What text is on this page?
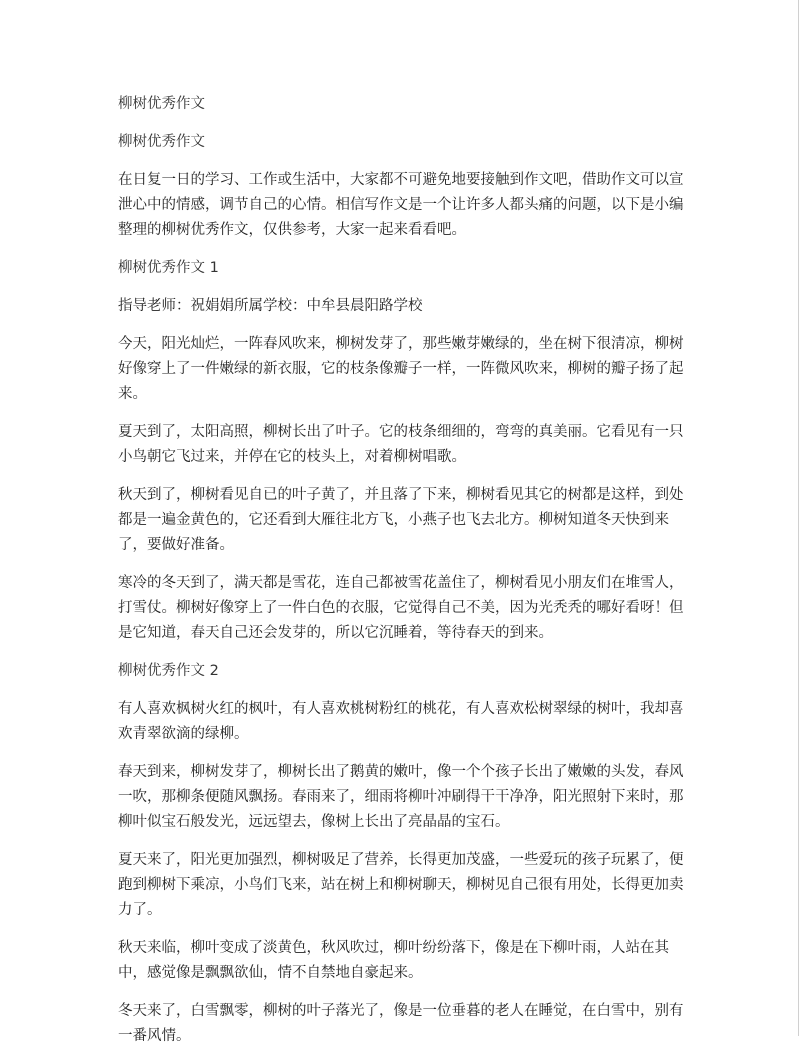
柳树优秀作文

柳树优秀作文

在日复一日的学习、工作或生活中，大家都不可避免地要接触到作文吧，借助作文可以宣泄心中的情感，调节自己的心情。相信写作文是一个让许多人都头痛的问题，以下是小编整理的柳树优秀作文，仅供参考，大家一起来看看吧。

柳树优秀作文 1

指导老师：祝娟娟所属学校：中牟县晨阳路学校

今天，阳光灿烂，一阵春风吹来，柳树发芽了，那些嫩芽嫩绿的，坐在树下很清凉，柳树好像穿上了一件嫩绿的新衣服，它的枝条像瓣子一样，一阵微风吹来，柳树的瓣子扬了起来。

夏天到了，太阳高照，柳树长出了叶子。它的枝条细细的，弯弯的真美丽。它看见有一只小鸟朝它飞过来，并停在它的枝头上，对着柳树唱歌。

秋天到了，柳树看见自已的叶子黄了，并且落了下来，柳树看见其它的树都是这样，到处都是一遍金黄色的，它还看到大雁往北方飞，小燕子也飞去北方。柳树知道冬天快到来了，要做好准备。

寒冷的冬天到了，满天都是雪花，连自己都被雪花盖住了，柳树看见小朋友们在堆雪人，打雪仗。柳树好像穿上了一件白色的衣服，它觉得自己不美，因为光秃秃的哪好看呀！但是它知道，春天自己还会发芽的，所以它沉睡着，等待春天的到来。

柳树优秀作文 2

有人喜欢枫树火红的枫叶，有人喜欢桃树粉红的桃花，有人喜欢松树翠绿的树叶，我却喜欢青翠欲滴的绿柳。

春天到来，柳树发芽了，柳树长出了鹅黄的嫩叶，像一个个孩子长出了嫩嫩的头发，春风一吹，那柳条便随风飘扬。春雨来了，细雨将柳叶冲刷得干干净净，阳光照射下来时，那柳叶似宝石般发光，远远望去，像树上长出了亮晶晶的宝石。

夏天来了，阳光更加强烈，柳树吸足了营养，长得更加茂盛，一些爱玩的孩子玩累了，便跑到柳树下乘凉，小鸟们飞来，站在树上和柳树聊天，柳树见自己很有用处，长得更加卖力了。

秋天来临，柳叶变成了淡黄色，秋风吹过，柳叶纷纷落下，像是在下柳叶雨，人站在其中，感觉像是飘飘欲仙，情不自禁地自豪起来。

冬天来了，白雪飘零，柳树的叶子落光了，像是一位垂暮的老人在睡觉，在白雪中，别有一番风情。
